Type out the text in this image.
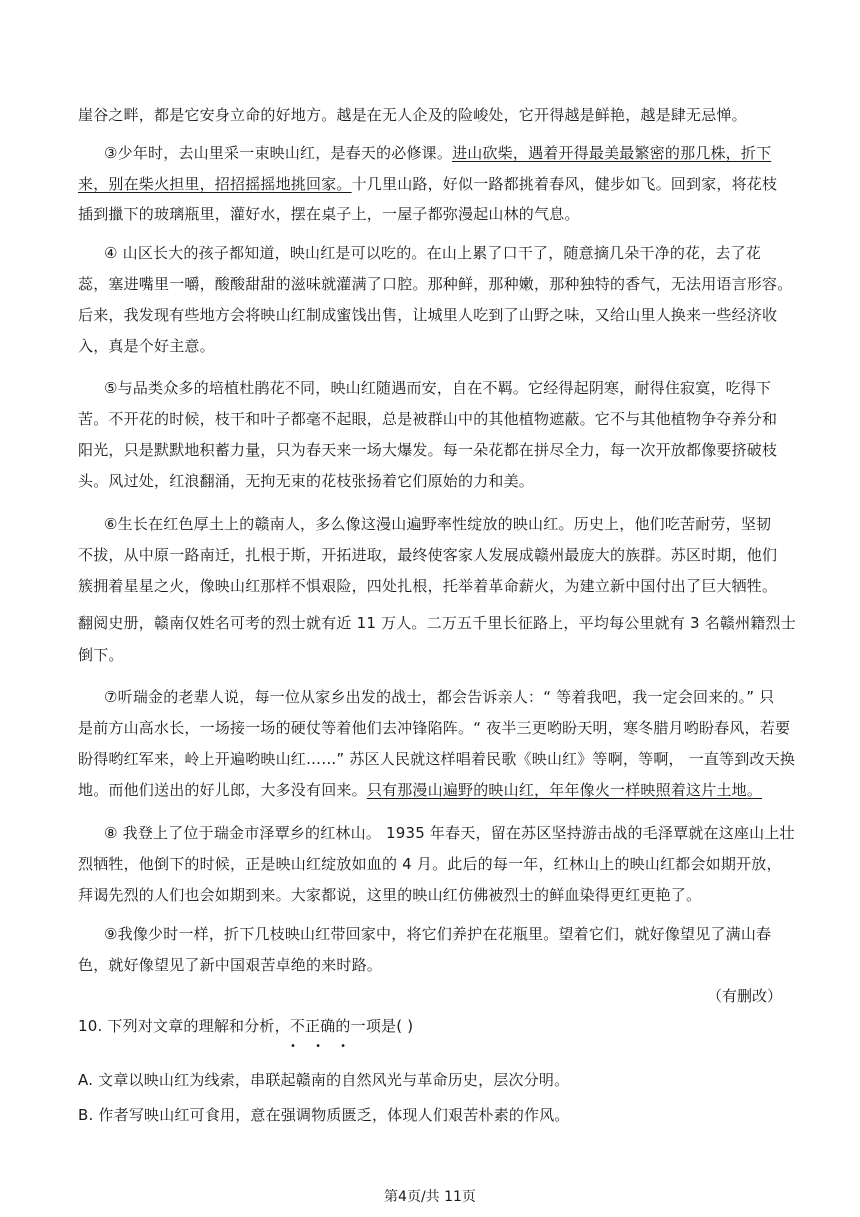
崖谷之畔，都是它安身立命的好地方。越是在无人企及的险峻处，它开得越是鲜艳，越是肆无忌惮。
③少年时，去山里采一束映山红，是春天的必修课。进山砍柴，遇着开得最美最繁密的那几株，折下
来，别在柴火担里，招招摇摇地挑回家。十几里山路，好似一路都挑着春风，健步如飞。回到家，将花枝
插到擸下的玻璃瓶里，灌好水，摆在桌子上，一屋子都弥漫起山林的气息。
④ 山区长大的孩子都知道，映山红是可以吃的。在山上累了口干了，随意摘几朵干净的花，去了花
蕊，塞进嘴里一嚼，酸酸甜甜的滋味就灌满了口腔。那种鲜，那种嫩，那种独特的香气，无法用语言形容。
后来，我发现有些地方会将映山红制成蜜饯出售，让城里人吃到了山野之味，又给山里人换来一些经济收
入，真是个好主意。
⑤与品类众多的培植杜鹃花不同，映山红随遇而安，自在不羁。它经得起阴寒，耐得住寂寞，吃得下
苦。不开花的时候，枝干和叶子都毫不起眼，总是被群山中的其他植物遮蔽。它不与其他植物争夺养分和
阳光，只是默默地积蓄力量，只为春天来一场大爆发。每一朵花都在拼尽全力，每一次开放都像要挤破枝
头。风过处，红浪翻涌，无拘无束的花枝张扬着它们原始的力和美。
⑥生长在红色厚土上的赣南人，多么像这漫山遍野率性绽放的映山红。历史上，他们吃苦耐劳，坚韧
不拔，从中原一路南迁，扎根于斯，开拓进取，最终使客家人发展成赣州最庞大的族群。苏区时期，他们
簇拥着星星之火，像映山红那样不惧艰险，四处扎根，托举着革命薪火，为建立新中国付出了巨大牺牲。
翻阅史册，赣南仅姓名可考的烈士就有近 11 万人。二万五千里长征路上，平均每公里就有 3 名赣州籍烈士
倒下。
⑦听瑞金的老辈人说，每一位从家乡出发的战士，都会告诉亲人：“ 等着我吧，我一定会回来的。” 只
是前方山高水长，一场接一场的硬仗等着他们去冲锋陷阵。“ 夜半三更哟盼天明，寒冬腊月哟盼春风，若要
盼得哟红军来，岭上开遍哟映山红……” 苏区人民就这样唱着民歌《映山红》等啊，等啊， 一直等到改天换
地。而他们送出的好儿郎，大多没有回来。只有那漫山遍野的映山红，年年像火一样映照着这片土地。
⑧ 我登上了位于瑞金市泽覃乡的红林山。 1935 年春天，留在苏区坚持游击战的毛泽覃就在这座山上壮
烈牺牲，他倒下的时候，正是映山红绽放如血的 4 月。此后的每一年，红林山上的映山红都会如期开放，
拜谒先烈的人们也会如期到来。大家都说，这里的映山红仿佛被烈士的鲜血染得更红更艳了。
⑨我像少时一样，折下几枝映山红带回家中，将它们养护在花瓶里。望着它们，就好像望见了满山春
色，就好像望见了新中国艰苦卓绝的来时路。
（有删改）
10. 下列对文章的理解和分析，不正确的一项是( )
• • •
A. 文章以映山红为线索，串联起赣南的自然风光与革命历史，层次分明。
B. 作者写映山红可食用，意在强调物质匮乏，体现人们艰苦朴素的作风。
第4页/共 11页
